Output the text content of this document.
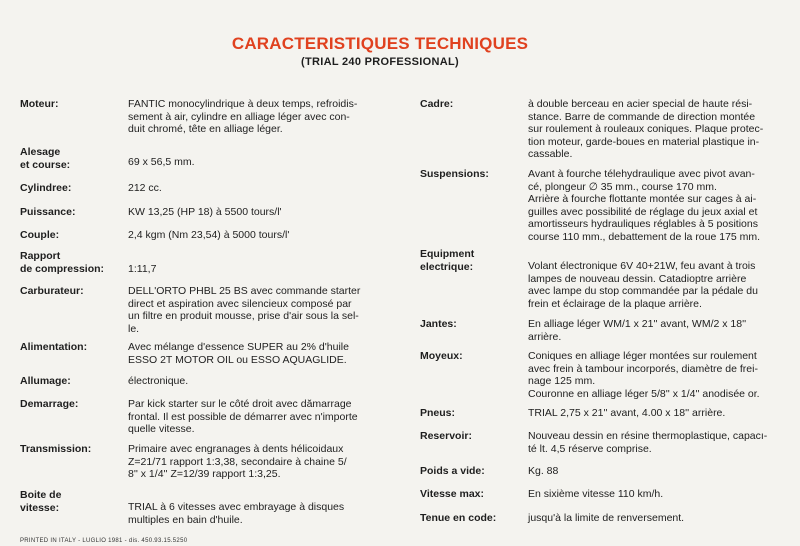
CARACTERISTIQUES TECHNIQUES
(TRIAL 240 PROFESSIONAL)
Moteur:	FANTIC monocylindrique à deux temps, refroidis-
sement à air, cylindre en alliage léger avec con-
duit chromé, tête en alliage léger.
Alesage
et course:	69 x 56,5 mm.
Cylindree:	212 cc.
Puissance:	KW 13,25 (HP 18) à 5500 tours/l'
Couple:	2,4 kgm (Nm 23,54) à 5000 tours/l'
Rapport
de compression: 1:11,7
Carburateur:	DELL'ORTO PHBL 25 BS avec commande starter
direct et aspiration avec silencieux composé par
un filtre en produit mousse, prise d'air sous la sel-
le.
Alimentation:	Avec mélange d'essence SUPER au 2% d'huile
ESSO 2T MOTOR OIL ou ESSO AQUAGLIDE.
Allumage:	électronique.
Demarrage:	Par kick starter sur le côté droit avec dămarrage
frontal. Il est possible de démarrer avec n'importe
quelle vitesse.
Transmission:	Primaire avec engranages à dents hélicoidaux
Z=21/71 rapport 1:3,38, secondaire à chaine 5/
8'' x 1/4'' Z=12/39 rapport 1:3,25.
Boite de
vitesse:	TRIAL à 6 vitesses avec embrayage à disques
multiples en bain d'huile.
Cadre:	à double berceau en acier special de haute rési-
stance. Barre de commande de direction montée
sur roulement à rouleaux coniques. Plaque protec-
tion moteur, garde-boues en material plastique in-
cassable.
Suspensions:	Avant à fourche télehydraulique avec pivot avan-
cé, plongeur ∅ 35 mm., course 170 mm.
Arrière à fourche flottante montée sur cages à ai-
guilles avec possibilité de réglage du jeux axial et
amortisseurs hydrauliques réglables à 5 positions
course 110 mm., debattement de la roue 175 mm.
Equipment
electrique:	Volant électronique 6V 40+21W, feu avant à trois
lampes de nouveau dessin. Catadioptre arrière
avec lampe du stop commandée par la pédale du
frein et éclairage de la plaque arrière.
Jantes:	En alliage léger WM/1 x 21'' avant, WM/2 x 18''
arrière.
Moyeux:	Coniques en alliage léger montées sur roulement
avec frein à tambour incorporés, diamètre de frei-
nage 125 mm.
Couronne en alliage léger 5/8'' x 1/4'' anodisée or.
Pneus:	TRIAL 2,75 x 21'' avant, 4.00 x 18'' arrière.
Reservoir:	Nouveau dessin en résine thermoplastique, capacı-
té lt. 4,5 réserve comprise.
Poids a vide:	Kg. 88
Vitesse max:	En sixième vitesse 110 km/h.
Tenue en code:	jusqu'à la limite de renversement.
PRINTED IN ITALY - LUGLIO 1981 - dis. 450.93.15.5250
